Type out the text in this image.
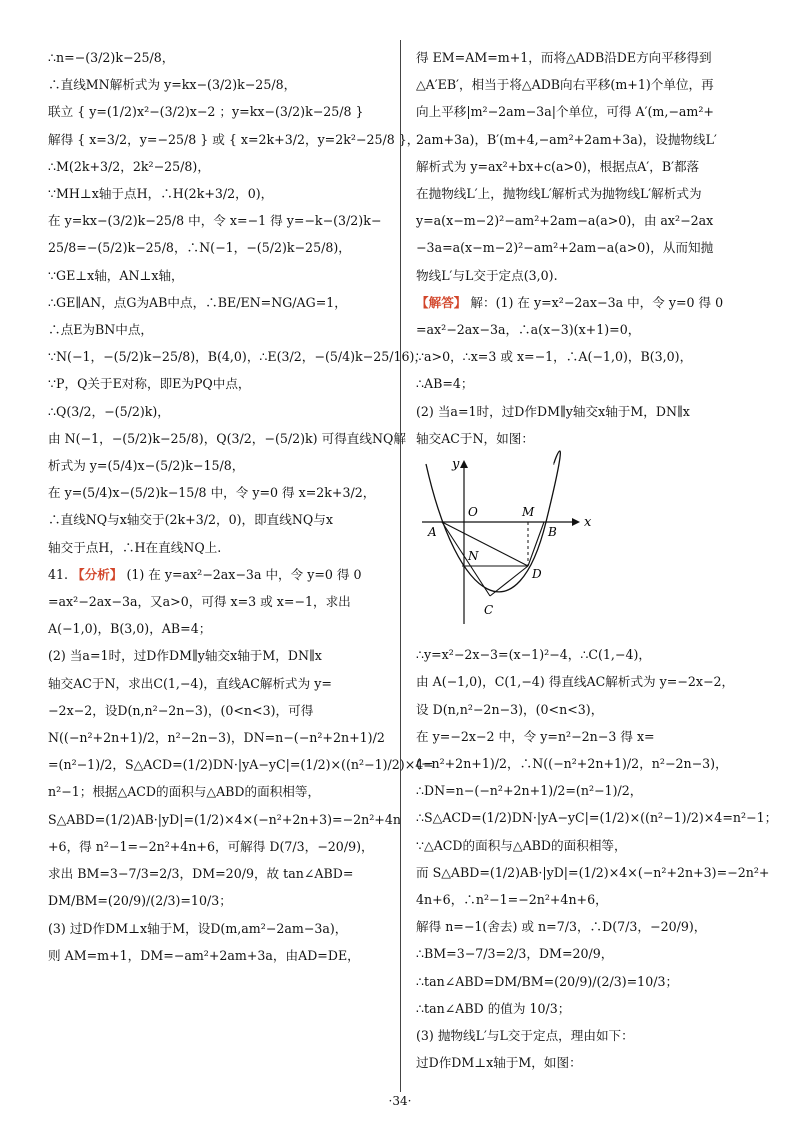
∴n=−(3/2)k−25/8，
∴直线MN解析式为 y=kx−(3/2)k−25/8，
联立 { y=(1/2)x²−(3/2)x−2 ；y=kx−(3/2)k−25/8 }
解得 { x=3/2，y=−25/8 } 或 { x=2k+3/2，y=2k²−25/8 }，
∴M(2k+3/2，2k²−25/8)，
∵MH⊥x轴于点H，∴H(2k+3/2，0)，
在 y=kx−(3/2)k−25/8 中，令 x=−1 得 y=−k−(3/2)k−
25/8=−(5/2)k−25/8，∴N(−1，−(5/2)k−25/8)，
∵GE⊥x轴，AN⊥x轴，
∴GE∥AN，点G为AB中点，∴BE/EN=NG/AG=1，
∴点E为BN中点，
∵N(−1，−(5/2)k−25/8)，B(4,0)，∴E(3/2，−(5/4)k−25/16)，
∵P，Q关于E对称，即E为PQ中点，
∴Q(3/2，−(5/2)k)，
由 N(−1，−(5/2)k−25/8)，Q(3/2，−(5/2)k) 可得直线NQ解
析式为 y=(5/4)x−(5/2)k−15/8，
在 y=(5/4)x−(5/2)k−15/8 中，令 y=0 得 x=2k+3/2，
∴直线NQ与x轴交于(2k+3/2，0)，即直线NQ与x
轴交于点H，∴H在直线NQ上.
41. 【分析】 (1) 在 y=ax²−2ax−3a 中，令 y=0 得 0
=ax²−2ax−3a，又a>0，可得 x=3 或 x=−1，求出
A(−1,0)，B(3,0)，AB=4；
(2) 当a=1时，过D作DM∥y轴交x轴于M，DN∥x
轴交AC于N，求出C(1,−4)，直线AC解析式为 y=
−2x−2，设D(n,n²−2n−3)，(0<n<3)，可得
N((−n²+2n+1)/2，n²−2n−3)，DN=n−(−n²+2n+1)/2
=(n²−1)/2，S△ACD=(1/2)DN·|yA−yC|=(1/2)×((n²−1)/2)×4=
n²−1；根据△ACD的面积与△ABD的面积相等，
S△ABD=(1/2)AB·|yD|=(1/2)×4×(−n²+2n+3)=−2n²+4n
+6，得 n²−1=−2n²+4n+6，可解得 D(7/3，−20/9)，
求出 BM=3−7/3=2/3，DM=20/9，故 tan∠ABD=
DM/BM=(20/9)/(2/3)=10/3；
(3) 过D作DM⊥x轴于M，设D(m,am²−2am−3a)，
则 AM=m+1，DM=−am²+2am+3a，由AD=DE，
得 EM=AM=m+1，而将△ADB沿DE方向平移得到
△A′EB′，相当于将△ADB向右平移(m+1)个单位，再
向上平移|m²−2am−3a|个单位，可得 A′(m,−am²+
2am+3a)，B′(m+4,−am²+2am+3a)，设抛物线L′
解析式为 y=ax²+bx+c(a>0)，根据点A′，B′都落
在抛物线L′上，抛物线L′解析式为抛物线L′解析式为
y=a(x−m−2)²−am²+2am−a(a>0)，由 ax²−2ax
−3a=a(x−m−2)²−am²+2am−a(a>0)，从而知抛
物线L′与L交于定点(3,0).
【解答】 解：(1) 在 y=x²−2ax−3a 中，令 y=0 得 0
=ax²−2ax−3a，∴a(x−3)(x+1)=0，
∵a>0，∴x=3 或 x=−1，∴A(−1,0)，B(3,0)，
∴AB=4；
(2) 当a=1时，过D作DM∥y轴交x轴于M，DN∥x
轴交AC于N，如图：
y
x
O	M
A	B
N
D
C
∴y=x²−2x−3=(x−1)²−4，∴C(1,−4)，
由 A(−1,0)，C(1,−4) 得直线AC解析式为 y=−2x−2，
设 D(n,n²−2n−3)，(0<n<3)，
在 y=−2x−2 中，令 y=n²−2n−3 得 x=
(−n²+2n+1)/2，∴N((−n²+2n+1)/2，n²−2n−3)，
∴DN=n−(−n²+2n+1)/2=(n²−1)/2，
∴S△ACD=(1/2)DN·|yA−yC|=(1/2)×((n²−1)/2)×4=n²−1；
∵△ACD的面积与△ABD的面积相等，
而 S△ABD=(1/2)AB·|yD|=(1/2)×4×(−n²+2n+3)=−2n²+
4n+6，∴n²−1=−2n²+4n+6，
解得 n=−1(舍去) 或 n=7/3，∴D(7/3，−20/9)，
∴BM=3−7/3=2/3，DM=20/9，
∴tan∠ABD=DM/BM=(20/9)/(2/3)=10/3；
∴tan∠ABD 的值为 10/3；
(3) 抛物线L′与L交于定点，理由如下：
过D作DM⊥x轴于M，如图：
·34·
